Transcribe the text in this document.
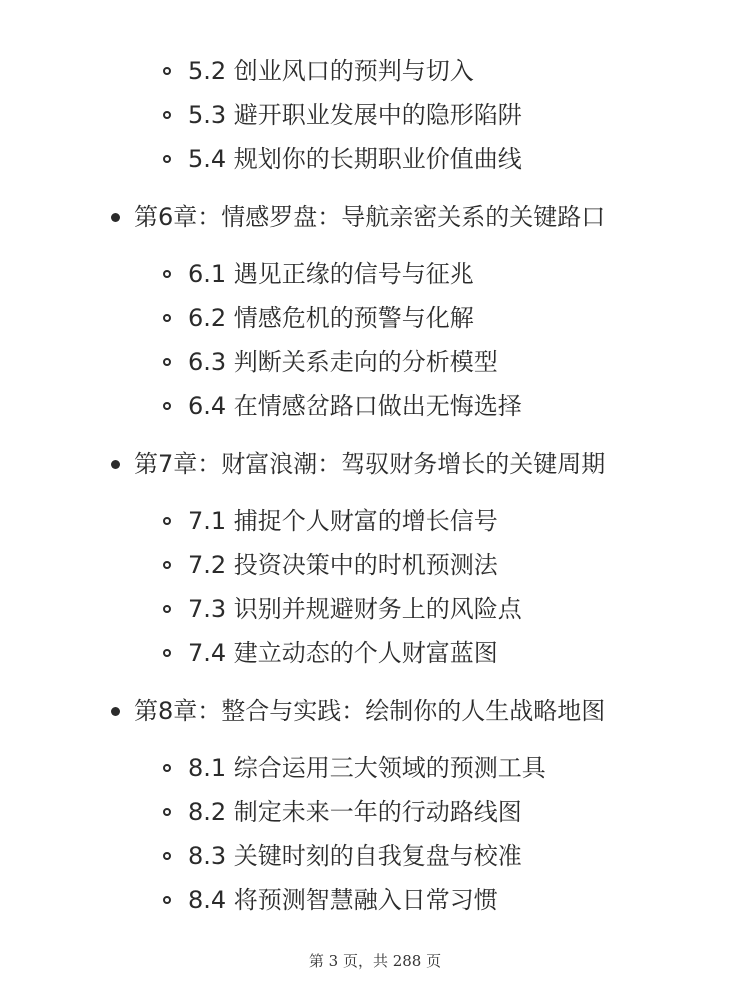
5.2 创业风口的预判与切入
5.3 避开职业发展中的隐形陷阱
5.4 规划你的长期职业价值曲线
第6章：情感罗盘：导航亲密关系的关键路口
6.1 遇见正缘的信号与征兆
6.2 情感危机的预警与化解
6.3 判断关系走向的分析模型
6.4 在情感岔路口做出无悔选择
第7章：财富浪潮：驾驭财务增长的关键周期
7.1 捕捉个人财富的增长信号
7.2 投资决策中的时机预测法
7.3 识别并规避财务上的风险点
7.4 建立动态的个人财富蓝图
第8章：整合与实践：绘制你的人生战略地图
8.1 综合运用三大领域的预测工具
8.2 制定未来一年的行动路线图
8.3 关键时刻的自我复盘与校准
8.4 将预测智慧融入日常习惯
第 3 页，共 288 页
